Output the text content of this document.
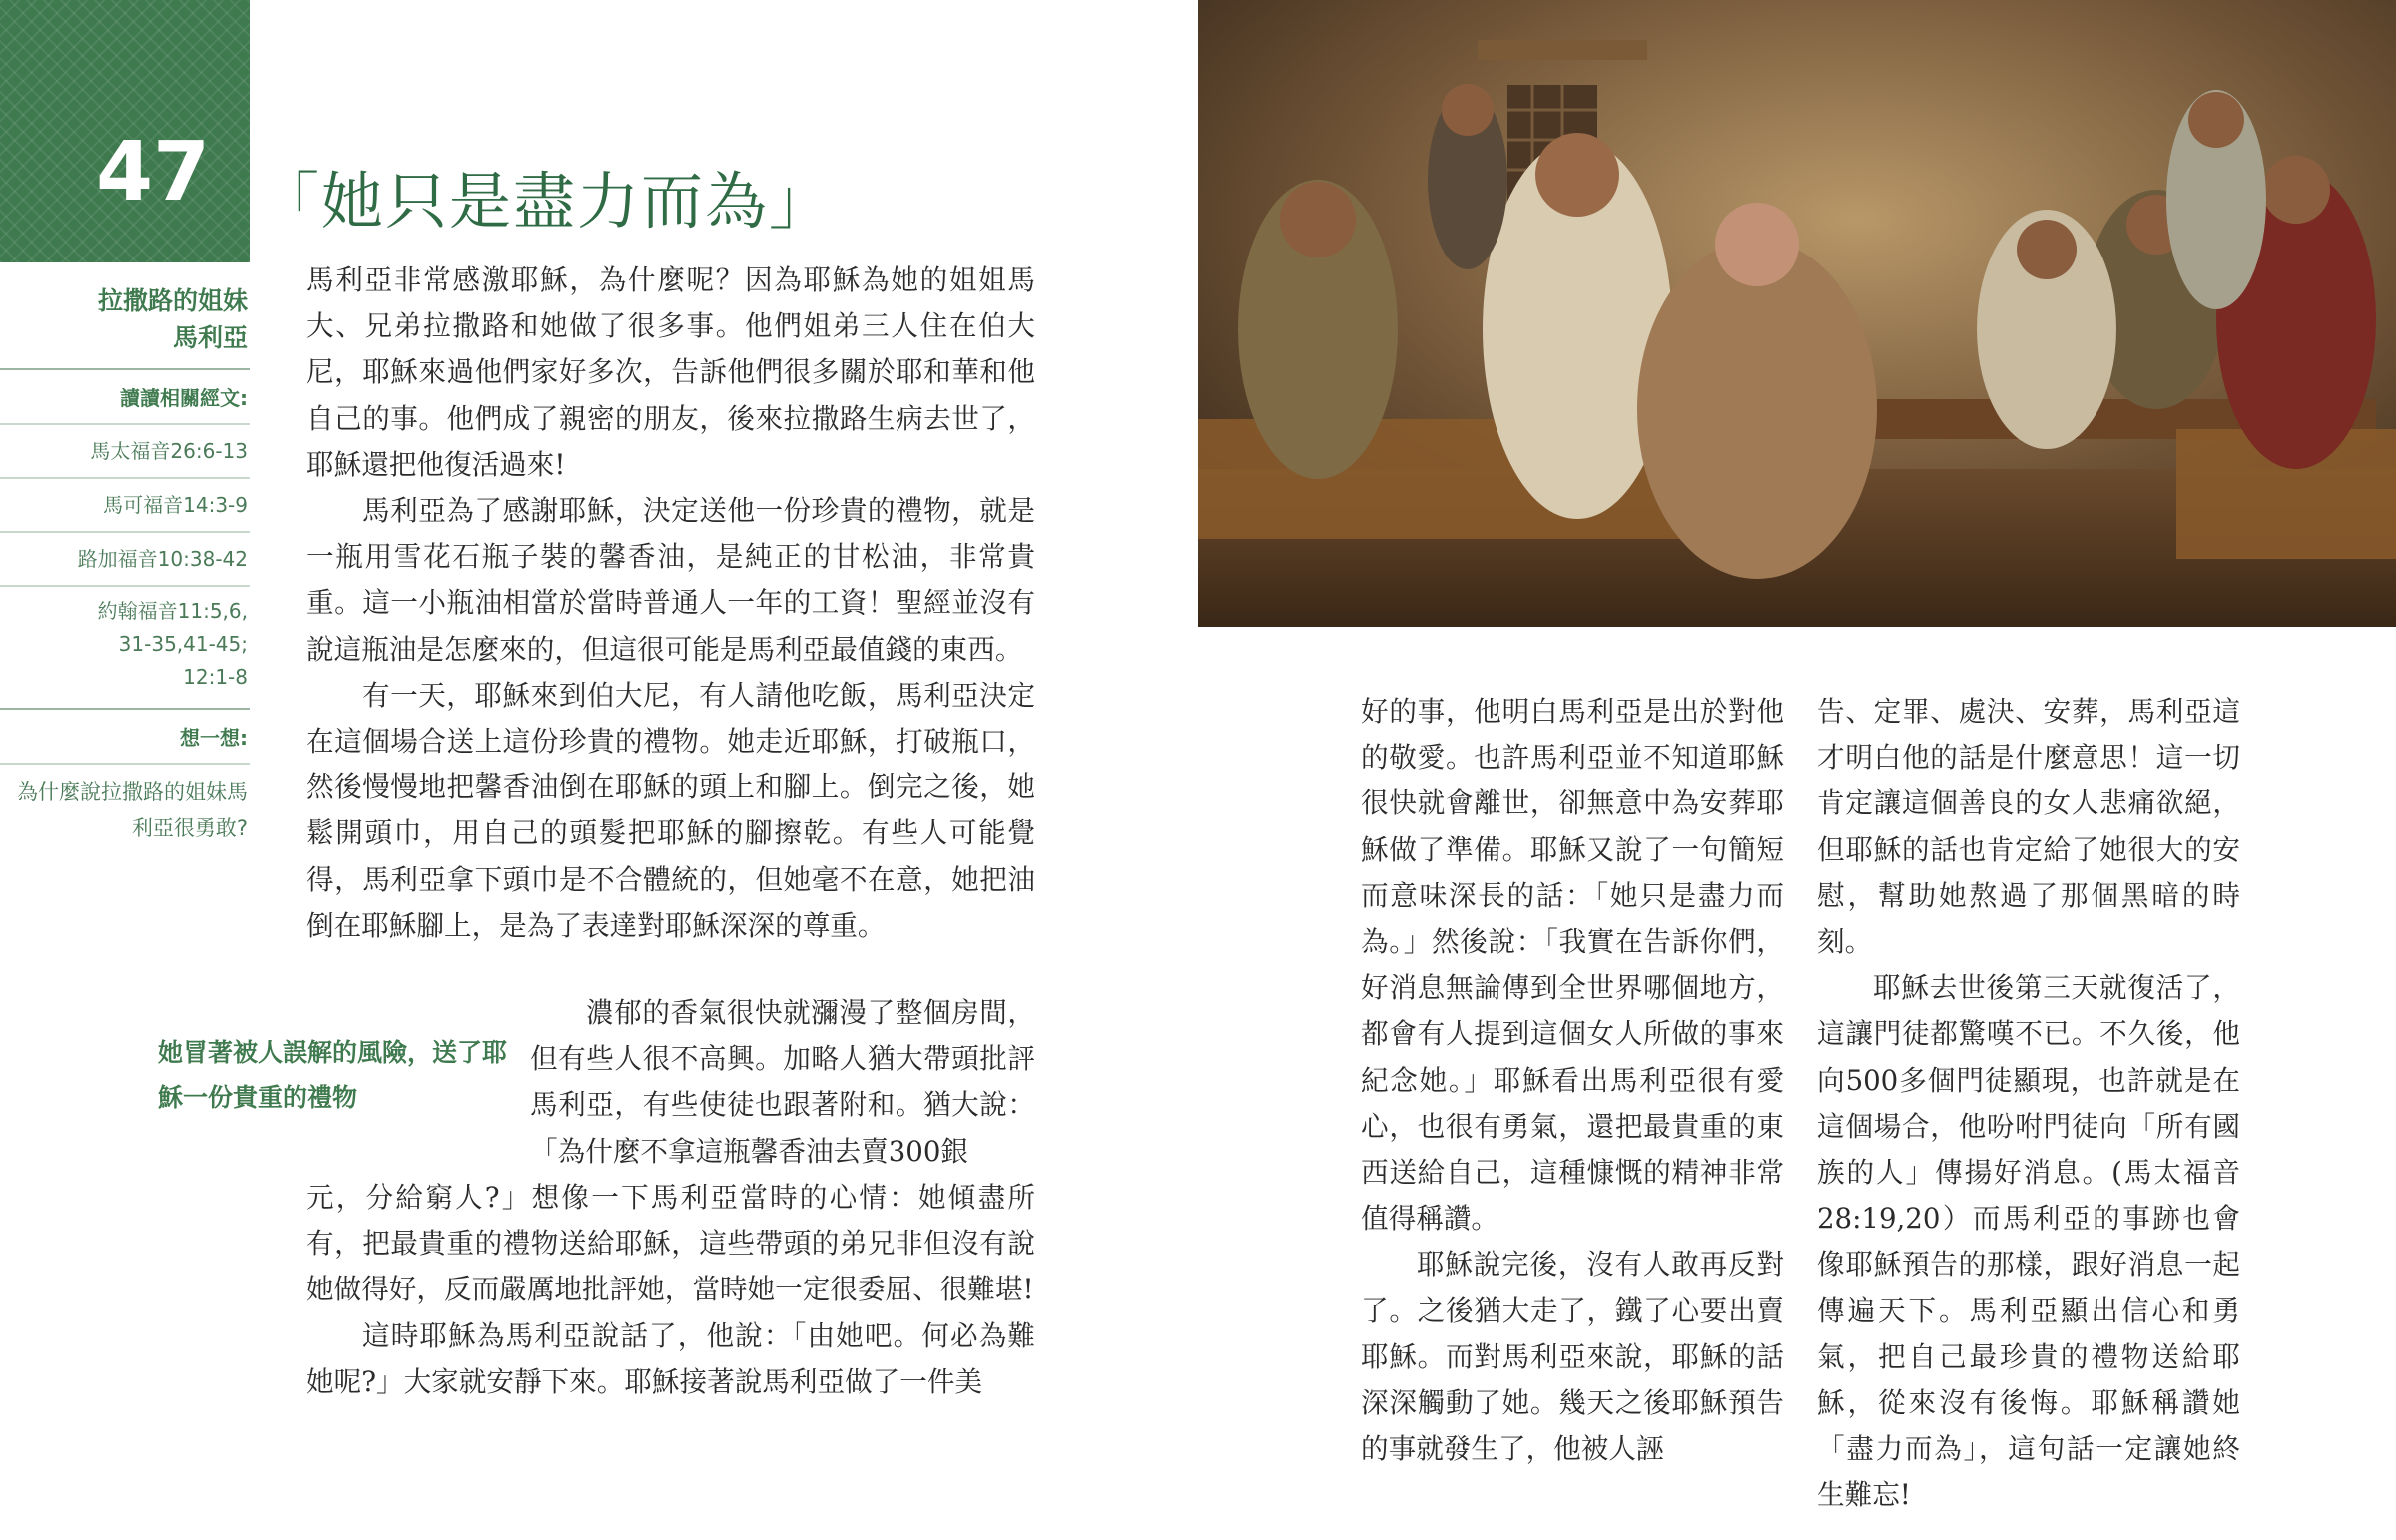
47 「她只是盡力而為」
拉撒路的姐妹
馬利亞
讀讀相關經文:
馬太福音26:6-13
馬可福音14:3-9
路加福音10:38-42
約翰福音11:5,6,
31-35,41-45;
12:1-8
想一想:
為什麼說拉撒路的姐妹馬利亞很勇敢?

馬利亞非常感激耶穌，為什麼呢？因為耶穌為她的姐姐馬大、兄弟拉撒路和她做了很多事。他們姐弟三人住在伯大尼，耶穌來過他們家好多次，告訴他們很多關於耶和華和他自己的事。他們成了親密的朋友，後來拉撒路生病去世了，耶穌還把他復活過來!

馬利亞為了感謝耶穌，決定送他一份珍貴的禮物，就是一瓶用雪花石瓶子裝的馨香油，是純正的甘松油，非常貴重。這一小瓶油相當於當時普通人一年的工資！聖經並沒有說這瓶油是怎麼來的，但這很可能是馬利亞最值錢的東西。

有一天，耶穌來到伯大尼，有人請他吃飯，馬利亞決定在這個場合送上這份珍貴的禮物。她走近耶穌，打破瓶口，然後慢慢地把馨香油倒在耶穌的頭上和腳上。倒完之後，她鬆開頭巾，用自己的頭髮把耶穌的腳擦乾。有些人可能覺得，馬利亞拿下頭巾是不合體統的，但她毫不在意，她把油倒在耶穌腳上，是為了表達對耶穌深深的尊重。

濃郁的香氣很快就瀰漫了整個房間，但有些人很不高興。加略人猶大帶頭批評馬利亞，有些使徒也跟著附和。猶大說：「為什麼不拿這瓶馨香油去賣300銀

她冒著被人誤解的風險，送了耶穌一份貴重的禮物

元，分給窮人?」想像一下馬利亞當時的心情：她傾盡所有，把最貴重的禮物送給耶穌，這些帶頭的弟兄非但沒有說她做得好，反而嚴厲地批評她，當時她一定很委屈、很難堪!

這時耶穌為馬利亞說話了，他說：「由她吧。何必為難她呢?」大家就安靜下來。耶穌接著說馬利亞做了一件美

好的事，他明白馬利亞是出於對他的敬愛。也許馬利亞並不知道耶穌很快就會離世，卻無意中為安葬耶穌做了準備。耶穌又說了一句簡短而意味深長的話：「她只是盡力而為。」然後說：「我實在告訴你們，好消息無論傳到全世界哪個地方，都會有人提到這個女人所做的事來紀念她。」耶穌看出馬利亞很有愛心，也很有勇氣，還把最貴重的東西送給自己，這種慷慨的精神非常值得稱讚。

耶穌說完後，沒有人敢再反對了。之後猶大走了，鐵了心要出賣耶穌。而對馬利亞來說，耶穌的話深深觸動了她。幾天之後耶穌預告的事就發生了，他被人誣

告、定罪、處決、安葬，馬利亞這才明白他的話是什麼意思！這一切肯定讓這個善良的女人悲痛欲絕，但耶穌的話也肯定給了她很大的安慰，幫助她熬過了那個黑暗的時刻。

耶穌去世後第三天就復活了，這讓門徒都驚嘆不已。不久後，他向500多個門徒顯現，也許就是在這個場合，他吩咐門徒向「所有國族的人」傳揚好消息。(馬太福音28:19,20）而馬利亞的事跡也會像耶穌預告的那樣，跟好消息一起傳遍天下。馬利亞顯出信心和勇氣，把自己最珍貴的禮物送給耶穌，從來沒有後悔。耶穌稱讚她「盡力而為」，這句話一定讓她終生難忘!
